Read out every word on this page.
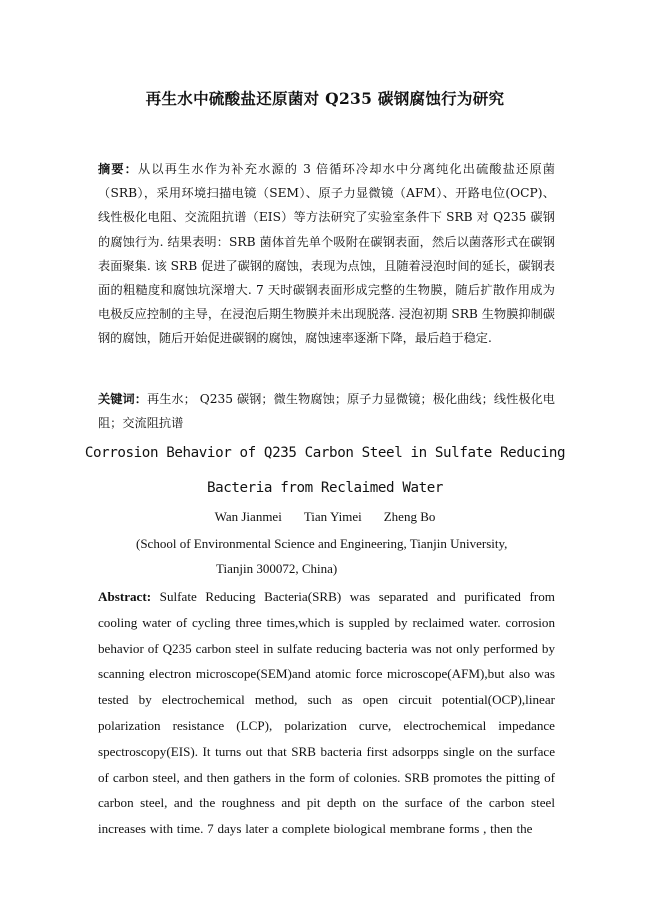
再生水中硫酸盐还原菌对 Q235 碳钢腐蚀行为研究
摘要：从以再生水作为补充水源的 3 倍循环冷却水中分离纯化出硫酸盐还原菌（SRB），采用环境扫描电镜（SEM）、原子力显微镜（AFM）、开路电位(OCP)、线性极化电阻、交流阻抗谱（EIS）等方法研究了实验室条件下 SRB 对 Q235 碳钢的腐蚀行为. 结果表明：SRB 菌体首先单个吸附在碳钢表面，然后以菌落形式在碳钢表面聚集. 该 SRB 促进了碳钢的腐蚀，表现为点蚀，且随着浸泡时间的延长，碳钢表面的粗糙度和腐蚀坑深增大. 7 天时碳钢表面形成完整的生物膜，随后扩散作用成为电极反应控制的主导，在浸泡后期生物膜并未出现脱落. 浸泡初期 SRB 生物膜抑制碳钢的腐蚀，随后开始促进碳钢的腐蚀，腐蚀速率逐渐下降，最后趋于稳定.
关键词：再生水； Q235 碳钢；微生物腐蚀；原子力显微镜；极化曲线；线性极化电阻；交流阻抗谱
Corrosion Behavior of Q235 Carbon Steel in Sulfate Reducing
Bacteria from Reclaimed Water
Wan Jianmei Tian Yimei Zheng Bo
(School of Environmental Science and Engineering, Tianjin University,
Tianjin 300072, China)
Abstract: Sulfate Reducing Bacteria(SRB) was separated and purificated from cooling water of cycling three times,which is suppled by reclaimed water. corrosion behavior of Q235 carbon steel in sulfate reducing bacteria was not only performed by scanning electron microscope(SEM)and atomic force microscope(AFM),but also was tested by electrochemical method, such as open circuit potential(OCP),linear polarization resistance (LCP), polarization curve, electrochemical impedance spectroscopy(EIS). It turns out that SRB bacteria first adsorpps single on the surface of carbon steel, and then gathers in the form of colonies. SRB promotes the pitting of carbon steel, and the roughness and pit depth on the surface of the carbon steel increases with time. 7 days later a complete biological membrane forms , then the
